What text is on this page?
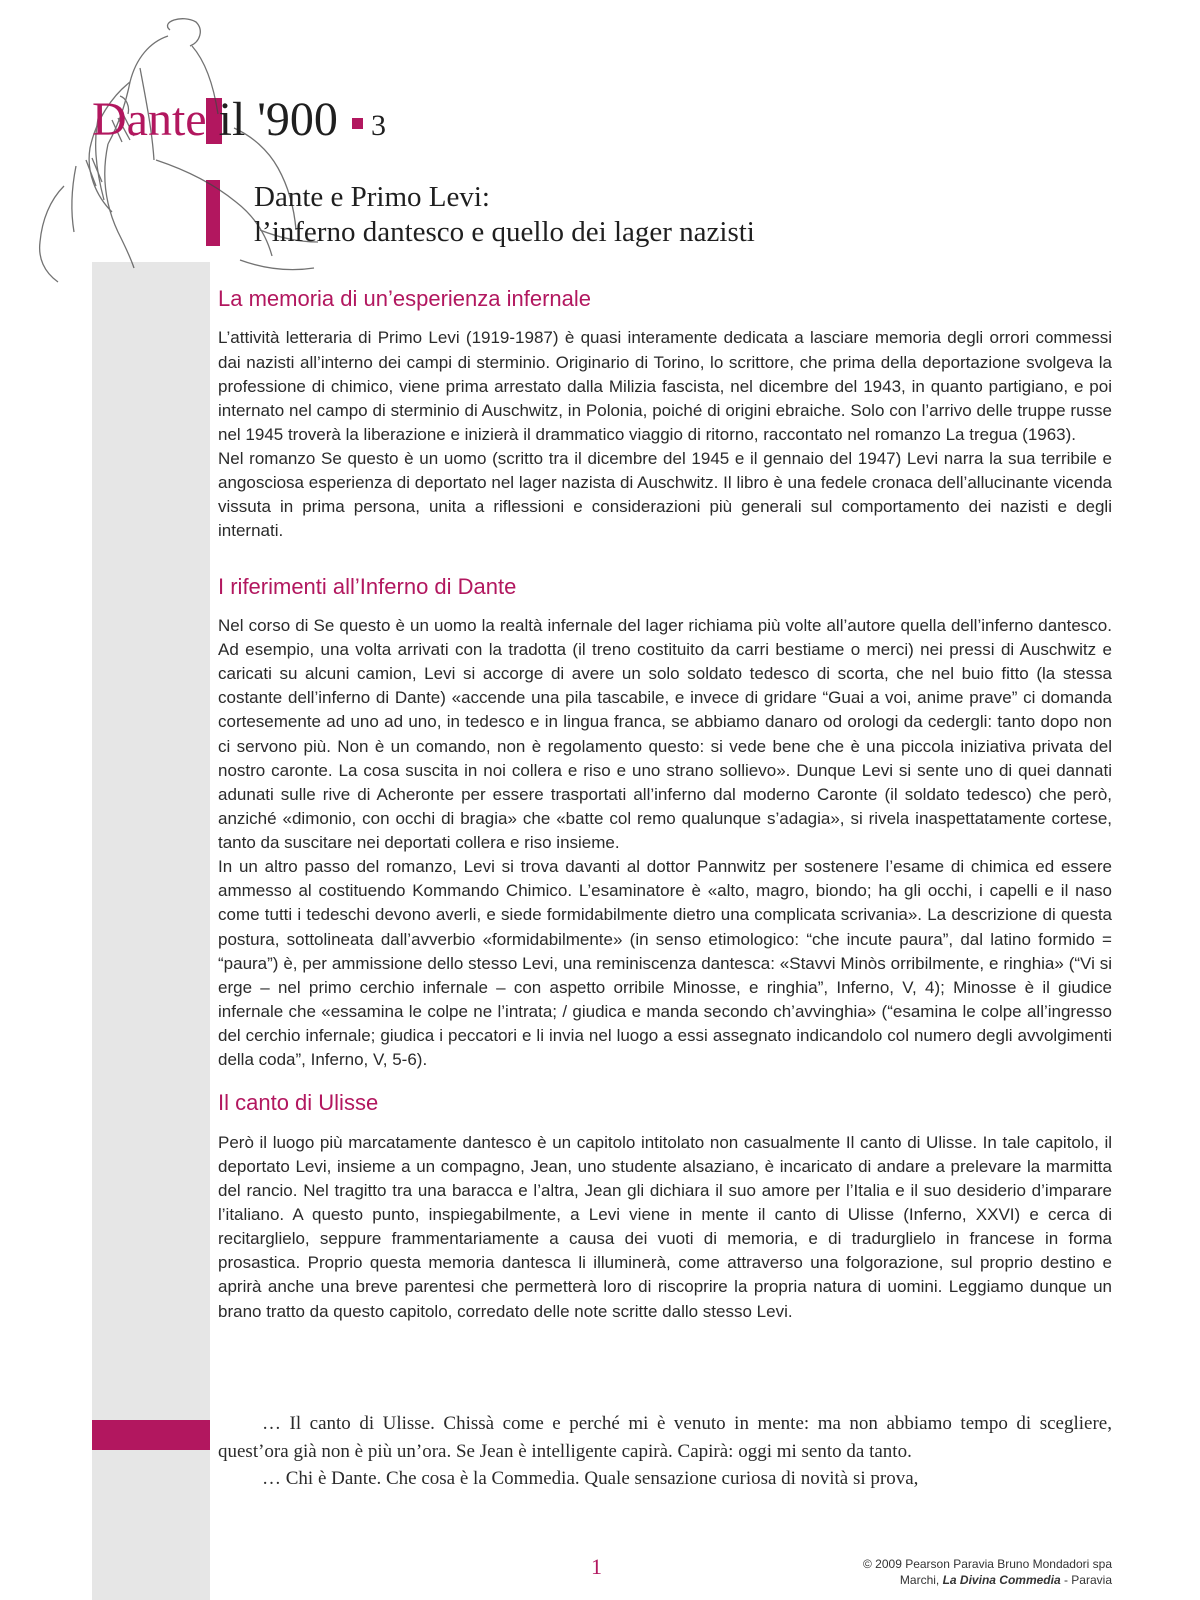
Dante il '900 3
Dante e Primo Levi:
l’inferno dantesco e quello dei lager nazisti
La memoria di un’esperienza infernale

L’attività letteraria di Primo Levi (1919-1987) è quasi interamente dedicata a lasciare memoria degli orrori commessi dai nazisti all’interno dei campi di sterminio. Originario di Torino, lo scrittore, che prima della deportazione svolgeva la professione di chimico, viene prima arrestato dalla Milizia fascista, nel dicembre del 1943, in quanto partigiano, e poi internato nel campo di sterminio di Auschwitz, in Polonia, poiché di origini ebraiche. Solo con l’arrivo delle truppe russe nel 1945 troverà la liberazione e inizierà il drammatico viaggio di ritorno, raccontato nel romanzo La tregua (1963).

Nel romanzo Se questo è un uomo (scritto tra il dicembre del 1945 e il gennaio del 1947) Levi narra la sua terribile e angosciosa esperienza di deportato nel lager nazista di Auschwitz. Il libro è una fedele cronaca dell’allucinante vicenda vissuta in prima persona, unita a riflessioni e considerazioni più generali sul comportamento dei nazisti e degli internati.

I riferimenti all’Inferno di Dante

Nel corso di Se questo è un uomo la realtà infernale del lager richiama più volte all’autore quella dell’inferno dantesco. Ad esempio, una volta arrivati con la tradotta (il treno costituito da carri bestiame o merci) nei pressi di Auschwitz e caricati su alcuni camion, Levi si accorge di avere un solo soldato tedesco di scorta, che nel buio fitto (la stessa costante dell’inferno di Dante) «accende una pila tascabile, e invece di gridare “Guai a voi, anime prave” ci domanda cortesemente ad uno ad uno, in tedesco e in lingua franca, se abbiamo danaro od orologi da cedergli: tanto dopo non ci servono più. Non è un comando, non è regolamento questo: si vede bene che è una piccola iniziativa privata del nostro caronte. La cosa suscita in noi collera e riso e uno strano sollievo». Dunque Levi si sente uno di quei dannati adunati sulle rive di Acheronte per essere trasportati all’inferno dal moderno Caronte (il soldato tedesco) che però, anziché «dimonio, con occhi di bragia» che «batte col remo qualunque s’adagia», si rivela inaspettatamente cortese, tanto da suscitare nei deportati collera e riso insieme.

In un altro passo del romanzo, Levi si trova davanti al dottor Pannwitz per sostenere l’esame di chimica ed essere ammesso al costituendo Kommando Chimico. L’esaminatore è «alto, magro, biondo; ha gli occhi, i capelli e il naso come tutti i tedeschi devono averli, e siede formidabilmente dietro una complicata scrivania». La descrizione di questa postura, sottolineata dall’avverbio «formidabilmente» (in senso etimologico: “che incute paura”, dal latino formido = “paura”) è, per ammissione dello stesso Levi, una reminiscenza dantesca: «Stavvi Minòs orribilmente, e ringhia» (“Vi si erge – nel primo cerchio infernale – con aspetto orribile Minosse, e ringhia”, Inferno, V, 4); Minosse è il giudice infernale che «essamina le colpe ne l’intrata; / giudica e manda secondo ch’avvinghia» (“esamina le colpe all’ingresso del cerchio infernale; giudica i peccatori e li invia nel luogo a essi assegnato indicandolo col numero degli avvolgimenti della coda”, Inferno, V, 5-6).

Il canto di Ulisse

Però il luogo più marcatamente dantesco è un capitolo intitolato non casualmente Il canto di Ulisse. In tale capitolo, il deportato Levi, insieme a un compagno, Jean, uno studente alsaziano, è incaricato di andare a prelevare la marmitta del rancio. Nel tragitto tra una baracca e l’altra, Jean gli dichiara il suo amore per l’Italia e il suo desiderio d’imparare l’italiano. A questo punto, inspiegabilmente, a Levi viene in mente il canto di Ulisse (Inferno, XXVI) e cerca di recitarglielo, seppure frammentariamente a causa dei vuoti di memoria, e di tradurglielo in francese in forma prosastica. Proprio questa memoria dantesca li illuminerà, come attraverso una folgorazione, sul proprio destino e aprirà anche una breve parentesi che permetterà loro di riscoprire la propria natura di uomini. Leggiamo dunque un brano tratto da questo capitolo, corredato delle note scritte dallo stesso Levi.

… Il canto di Ulisse. Chissà come e perché mi è venuto in mente: ma non abbiamo tempo di scegliere, quest’ora già non è più un’ora. Se Jean è intelligente capirà. Capirà: oggi mi sento da tanto.

… Chi è Dante. Che cosa è la Commedia. Quale sensazione curiosa di novità si prova,

1	© 2009 Pearson Paravia Bruno Mondadori spa
Marchi, La Divina Commedia - Paravia
